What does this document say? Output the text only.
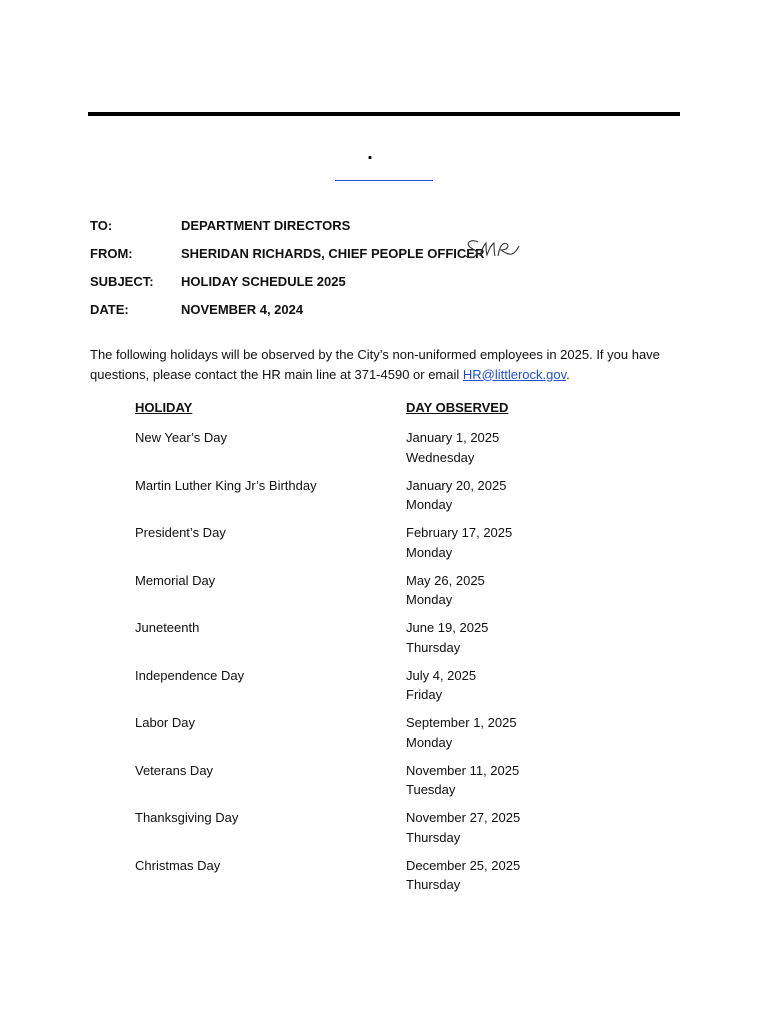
.
TO:	DEPARTMENT DIRECTORS
FROM:	SHERIDAN RICHARDS, CHIEF PEOPLE OFFICER
SUBJECT: HOLIDAY SCHEDULE 2025
DATE:	NOVEMBER 4, 2024

The following holidays will be observed by the City’s non-uniformed employees in 2025. If you have questions, please contact the HR main line at 371-4590 or email HR@littlerock.gov.

HOLIDAY	DAY OBSERVED
New Year’s Day	January 1, 2025
Wednesday
Martin Luther King Jr’s Birthday	January 20, 2025
Monday
President’s Day	February 17, 2025
Monday
Memorial Day	May 26, 2025
Monday
Juneteenth	June 19, 2025
Thursday
Independence Day	July 4, 2025
Friday
Labor Day	September 1, 2025
Monday
Veterans Day	November 11, 2025
Tuesday
Thanksgiving Day	November 27, 2025
Thursday
Christmas Day	December 25, 2025
Thursday
